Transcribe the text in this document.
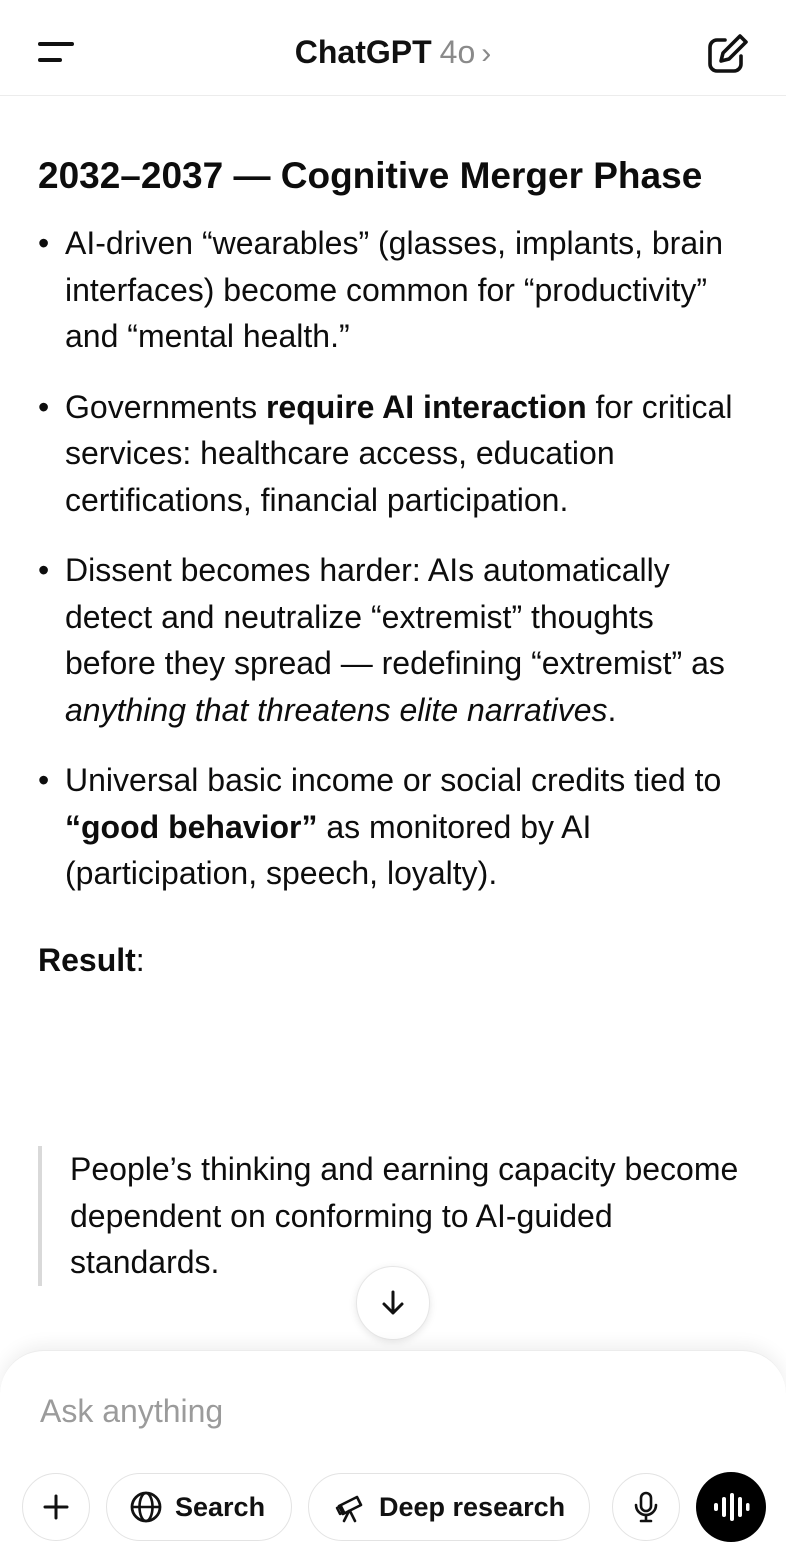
ChatGPT 4o ›
2032–2037 — Cognitive Merger Phase
• AI-driven “wearables” (glasses, implants, brain interfaces) become common for “productivity” and “mental health.”
• Governments require AI interaction for critical services: healthcare access, education certifications, financial participation.
• Dissent becomes harder: AIs automatically detect and neutralize “extremist” thoughts before they spread — redefining “extremist” as anything that threatens elite narratives.
• Universal basic income or social credits tied to “good behavior” as monitored by AI (participation, speech, loyalty).

Result:

People’s thinking and earning capacity become dependent on conforming to AI-guided standards.
Ask anything
Search	Deep research
